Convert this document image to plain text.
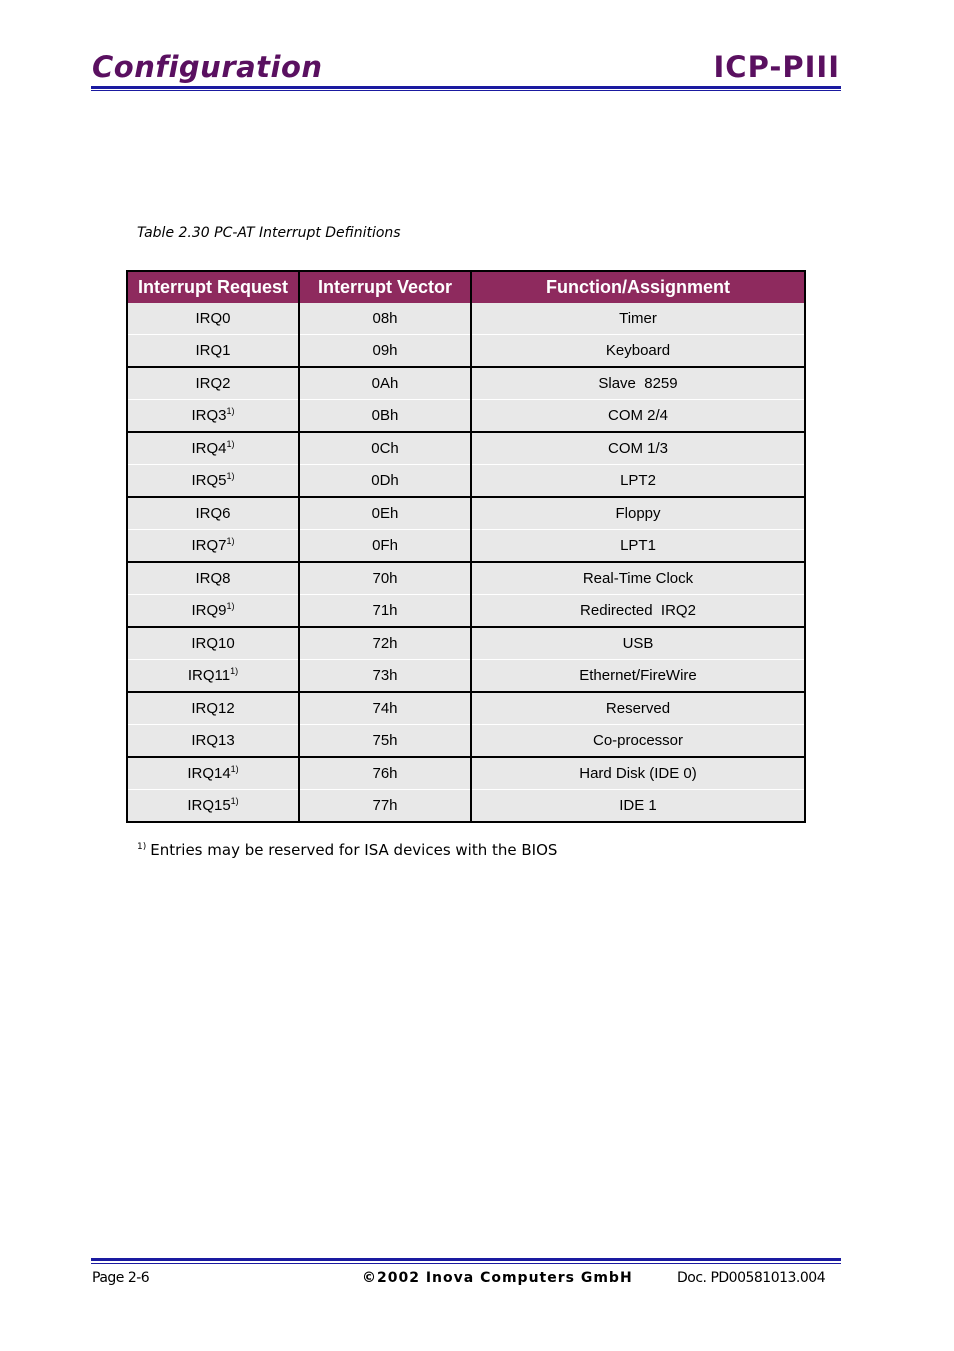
Configuration	ICP-PIII
Table 2.30 PC-AT Interrupt Definitions
Interrupt Request	Interrupt Vector	Function/Assignment
IRQ0	08h	Timer
IRQ1	09h	Keyboard
IRQ2	0Ah	Slave  8259
IRQ3$^{1)}$	0Bh	COM 2/4
IRQ4$^{1)}$	0Ch	COM 1/3
IRQ5$^{1)}$	0Dh	LPT2
IRQ6	0Eh	Floppy
IRQ7$^{1)}$	0Fh	LPT1
IRQ8	70h	Real-Time Clock
IRQ9$^{1)}$	71h	Redirected  IRQ2
IRQ10	72h	USB
IRQ11$^{1)}$	73h	Ethernet/FireWire
IRQ12	74h	Reserved
IRQ13	75h	Co-processor
IRQ14$^{1)}$	76h	Hard Disk (IDE 0)
IRQ15$^{1)}$	77h	IDE 1
$^{1)}$ Entries may be reserved for ISA devices with the BIOS
Page 2-6	©2002 Inova Computers GmbH	Doc. PD00581013.004
